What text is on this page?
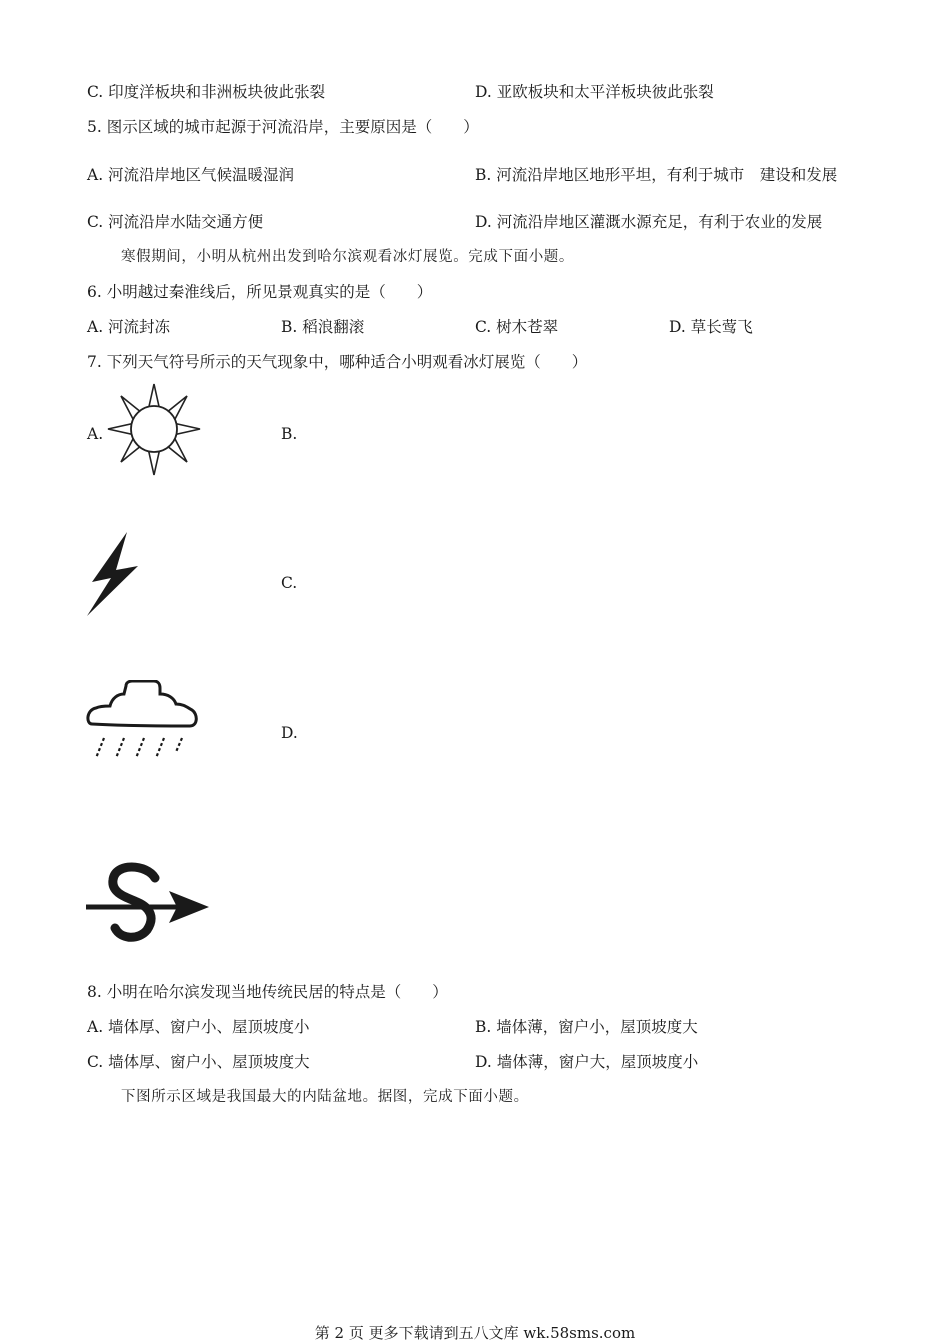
C. 印度洋板块和非洲板块彼此张裂	D. 亚欧板块和太平洋板块彼此张裂
5. 图示区域的城市起源于河流沿岸，主要原因是（　　）
A. 河流沿岸地区气候温暖湿润	B. 河流沿岸地区地形平坦，有利于城市　建设和发展
C. 河流沿岸水陆交通方便	D. 河流沿岸地区灌溉水源充足，有利于农业的发展
寒假期间，小明从杭州出发到哈尔滨观看冰灯展览。完成下面小题。
6. 小明越过秦淮线后，所见景观真实的是（　　）
A. 河流封冻	B. 稻浪翻滚	C. 树木苍翠	D. 草长莺飞
7. 下列天气符号所示的天气现象中，哪种适合小明观看冰灯展览（　　）
A.	B.
C.
D.
8. 小明在哈尔滨发现当地传统民居的特点是（　　）
A. 墙体厚、窗户小、屋顶坡度小	B. 墙体薄，窗户小，屋顶坡度大
C. 墙体厚、窗户小、屋顶坡度大	D. 墙体薄，窗户大，屋顶坡度小
下图所示区域是我国最大的内陆盆地。据图，完成下面小题。
第 2 页 更多下载请到五八文库 wk.58sms.com
